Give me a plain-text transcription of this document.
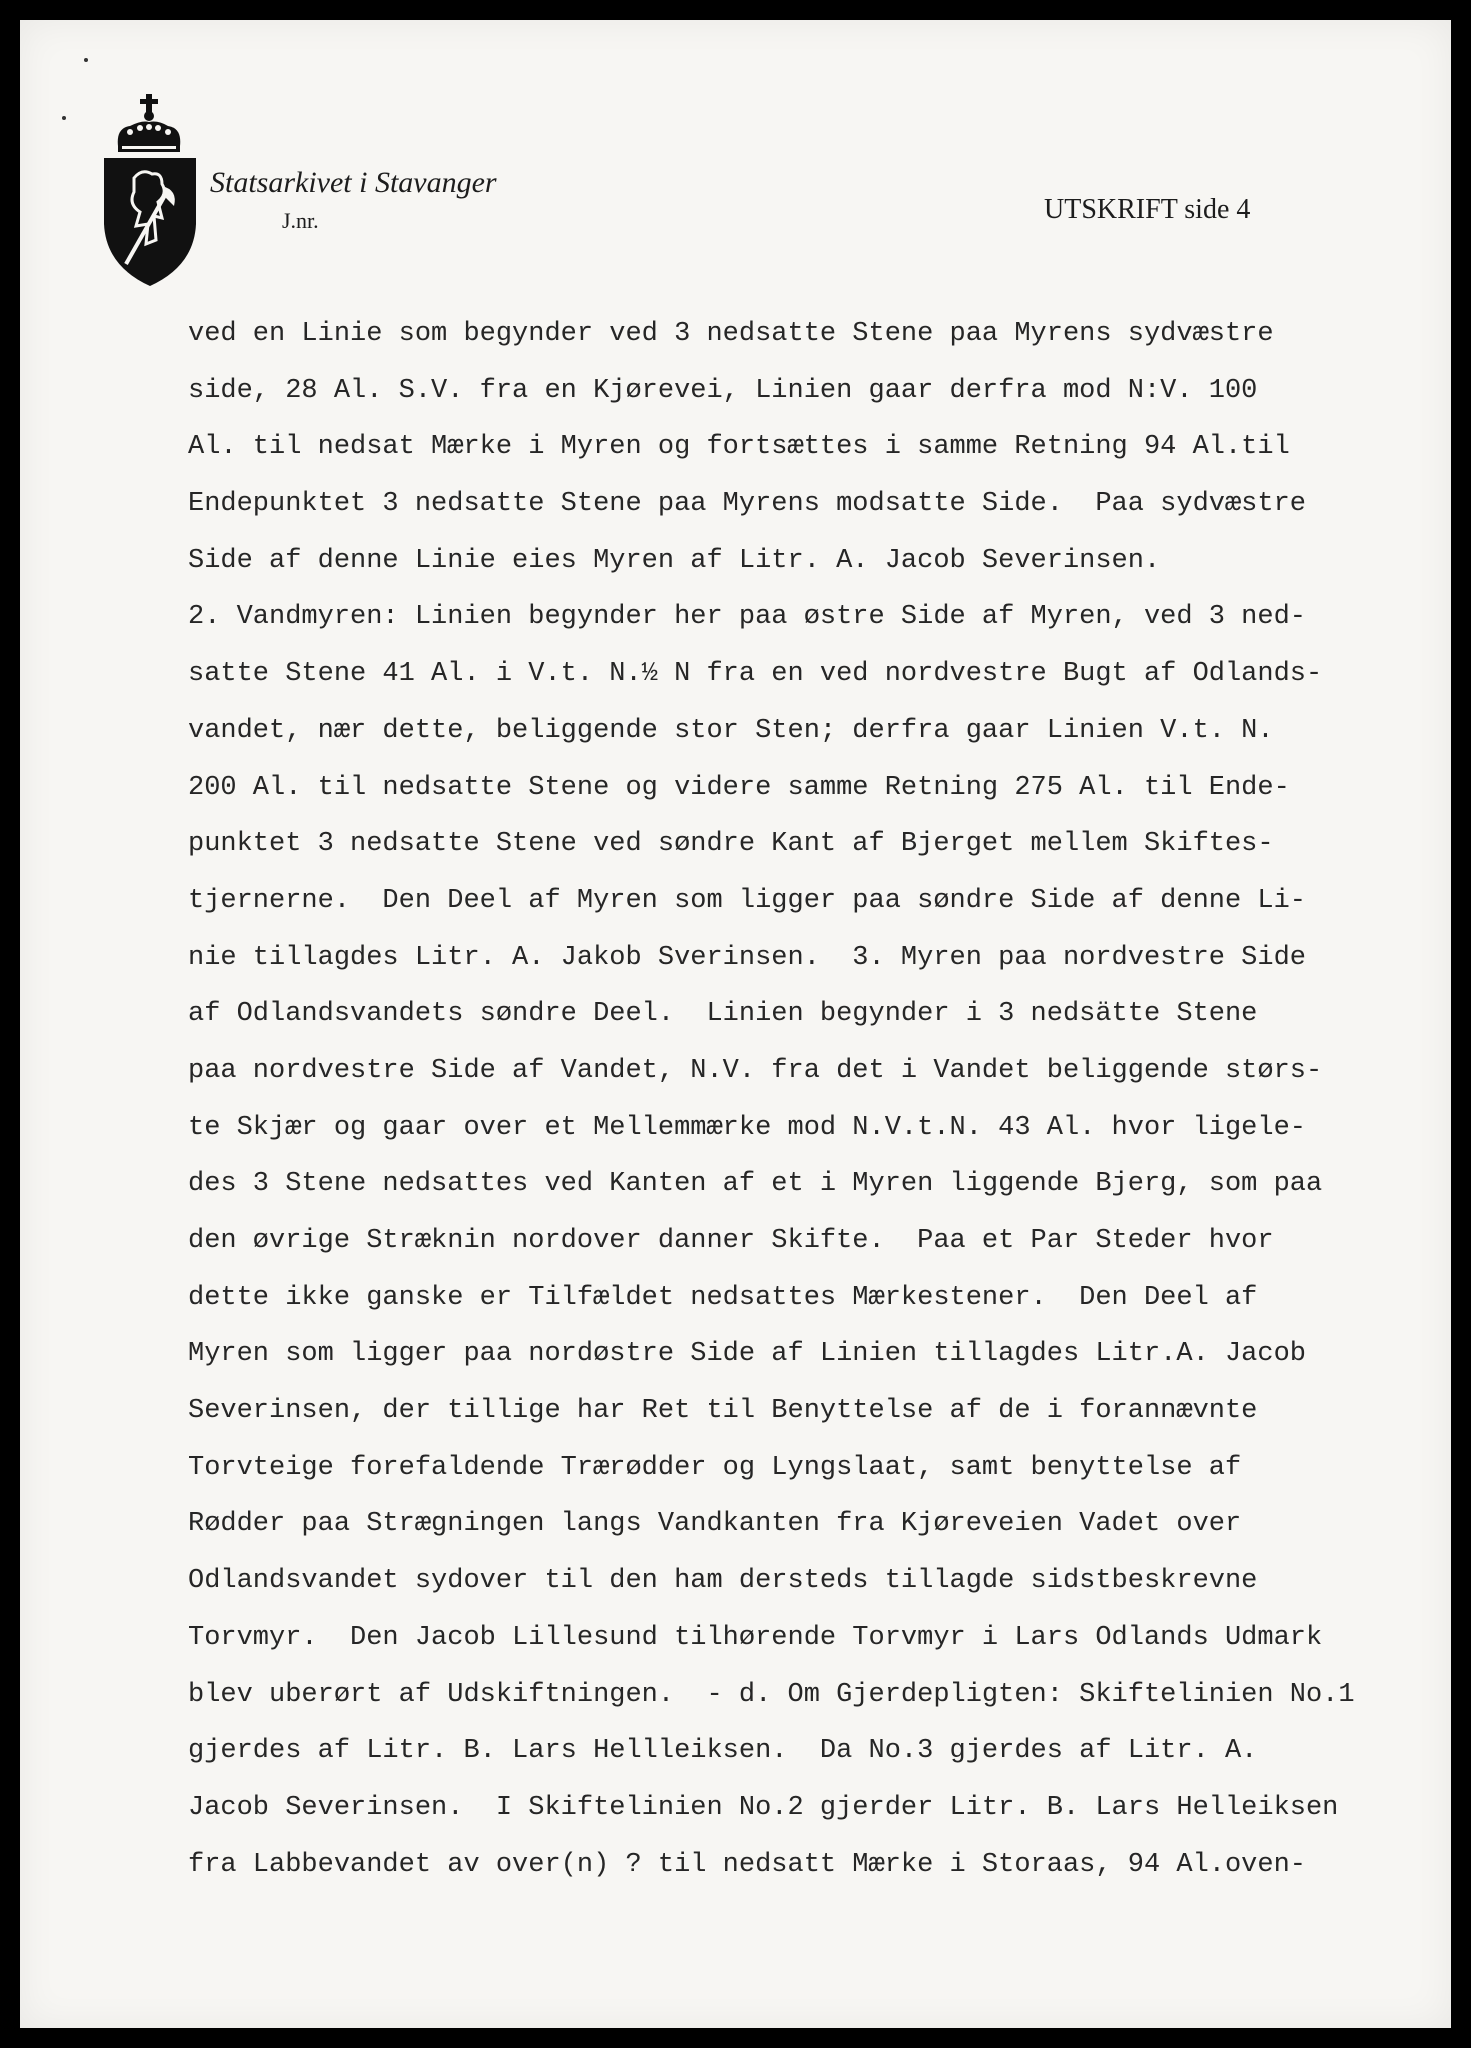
Statsarkivet i Stavanger
J.nr.	UTSKRIFT side 4
ved en Linie som begynder ved 3 nedsatte Stene paa Myrens sydvæstre
side, 28 Al. S.V. fra en Kjørevei, Linien gaar derfra mod N:V. 100
Al. til nedsat Mærke i Myren og fortsættes i samme Retning 94 Al.til
Endepunktet 3 nedsatte Stene paa Myrens modsatte Side.  Paa sydvæstre
Side af denne Linie eies Myren af Litr. A. Jacob Severinsen.
2. Vandmyren: Linien begynder her paa østre Side af Myren, ved 3 ned-
satte Stene 41 Al. i V.t. N.½ N fra en ved nordvestre Bugt af Odlands-
vandet, nær dette, beliggende stor Sten; derfra gaar Linien V.t. N.
200 Al. til nedsatte Stene og videre samme Retning 275 Al. til Ende-
punktet 3 nedsatte Stene ved søndre Kant af Bjerget mellem Skiftes-
tjernerne.  Den Deel af Myren som ligger paa søndre Side af denne Li-
nie tillagdes Litr. A. Jakob Sverinsen.  3. Myren paa nordvestre Side
af Odlandsvandets søndre Deel.  Linien begynder i 3 nedsätte Stene
paa nordvestre Side af Vandet, N.V. fra det i Vandet beliggende størs-
te Skjær og gaar over et Mellemmærke mod N.V.t.N. 43 Al. hvor ligele-
des 3 Stene nedsattes ved Kanten af et i Myren liggende Bjerg, som paa
den øvrige Stræknin nordover danner Skifte.  Paa et Par Steder hvor
dette ikke ganske er Tilfældet nedsattes Mærkestener.  Den Deel af
Myren som ligger paa nordøstre Side af Linien tillagdes Litr.A. Jacob
Severinsen, der tillige har Ret til Benyttelse af de i forannævnte
Torvteige forefaldende Trærødder og Lyngslaat, samt benyttelse af
Rødder paa Strægningen langs Vandkanten fra Kjøreveien Vadet over
Odlandsvandet sydover til den ham dersteds tillagde sidstbeskrevne
Torvmyr.  Den Jacob Lillesund tilhørende Torvmyr i Lars Odlands Udmark
blev uberørt af Udskiftningen.  - d. Om Gjerdepligten: Skiftelinien No.1
gjerdes af Litr. B. Lars Hellleiksen.  Da No.3 gjerdes af Litr. A.
Jacob Severinsen.  I Skiftelinien No.2 gjerder Litr. B. Lars Helleiksen
fra Labbevandet av over(n) ? til nedsatt Mærke i Storaas, 94 Al.oven-
